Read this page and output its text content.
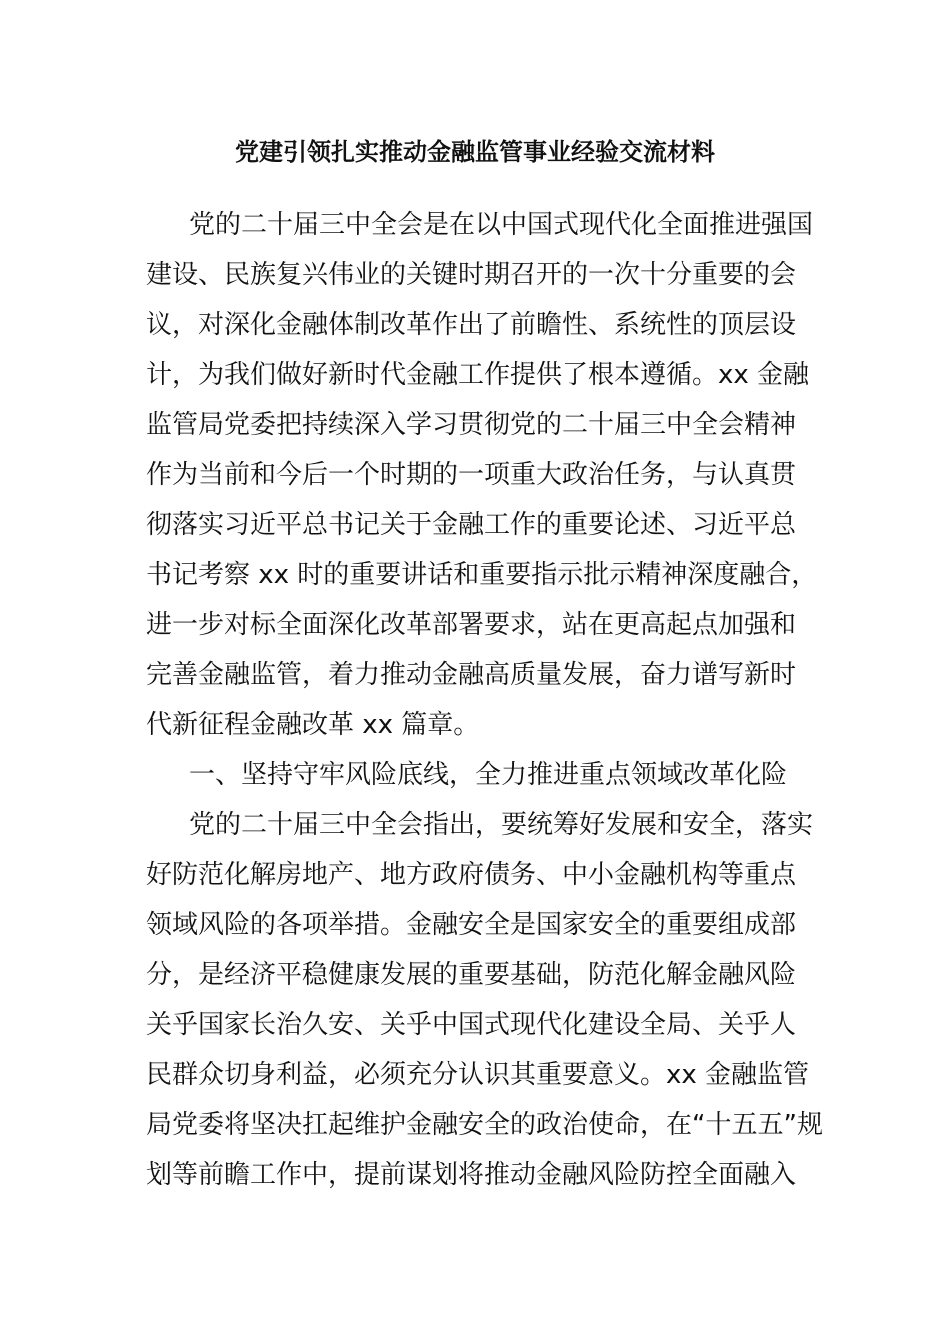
党建引领扎实推动金融监管事业经验交流材料
党的二十届三中全会是在以中国式现代化全面推进强国
建设、民族复兴伟业的关键时期召开的一次十分重要的会
议，对深化金融体制改革作出了前瞻性、系统性的顶层设
计，为我们做好新时代金融工作提供了根本遵循。xx 金融
监管局党委把持续深入学习贯彻党的二十届三中全会精神
作为当前和今后一个时期的一项重大政治任务，与认真贯
彻落实习近平总书记关于金融工作的重要论述、习近平总
书记考察 xx 时的重要讲话和重要指示批示精神深度融合，
进一步对标全面深化改革部署要求，站在更高起点加强和
完善金融监管，着力推动金融高质量发展，奋力谱写新时
代新征程金融改革 xx 篇章。
一、坚持守牢风险底线，全力推进重点领域改革化险
党的二十届三中全会指出，要统筹好发展和安全，落实
好防范化解房地产、地方政府债务、中小金融机构等重点
领域风险的各项举措。金融安全是国家安全的重要组成部
分，是经济平稳健康发展的重要基础，防范化解金融风险
关乎国家长治久安、关乎中国式现代化建设全局、关乎人
民群众切身利益，必须充分认识其重要意义。xx 金融监管
局党委将坚决扛起维护金融安全的政治使命，在“十五五”规
划等前瞻工作中，提前谋划将推动金融风险防控全面融入
